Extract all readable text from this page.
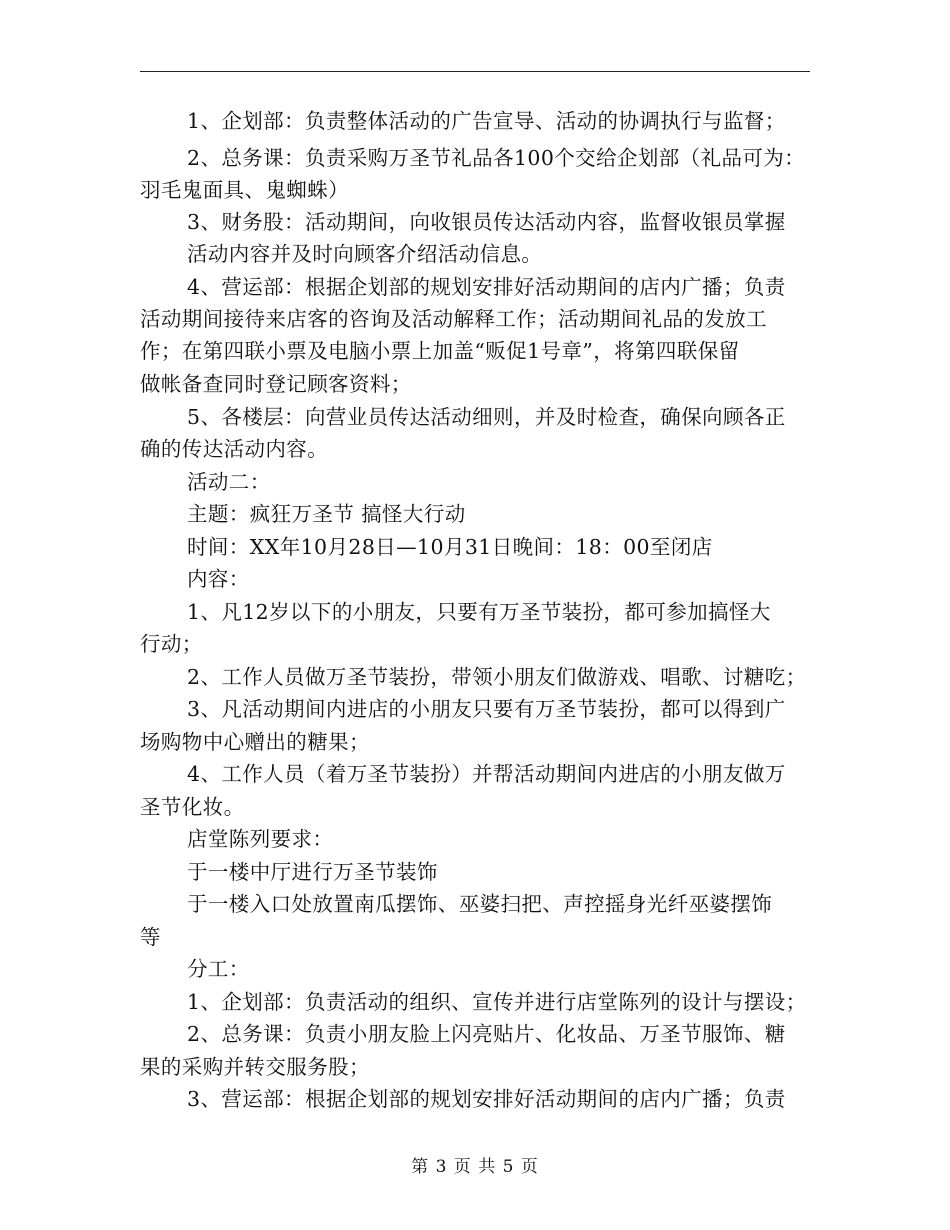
1、企划部：负责整体活动的广告宣导、活动的协调执行与监督；
2、总务课：负责采购万圣节礼品各100个交给企划部（礼品可为：
羽毛鬼面具、鬼蜘蛛）
3、财务股：活动期间，向收银员传达活动内容，监督收银员掌握
活动内容并及时向顾客介绍活动信息。
4、营运部：根据企划部的规划安排好活动期间的店内广播；负责
活动期间接待来店客的咨询及活动解释工作；活动期间礼品的发放工
作；在第四联小票及电脑小票上加盖“贩促1号章”，将第四联保留
做帐备查同时登记顾客资料；
5、各楼层：向营业员传达活动细则，并及时检查，确保向顾各正
确的传达活动内容。
活动二：
主题：疯狂万圣节 搞怪大行动
时间：XX年10月28日—10月31日晚间：18：00至闭店
内容：
1、凡12岁以下的小朋友，只要有万圣节装扮，都可参加搞怪大
行动；
2、工作人员做万圣节装扮，带领小朋友们做游戏、唱歌、讨糖吃；
3、凡活动期间内进店的小朋友只要有万圣节装扮，都可以得到广
场购物中心赠出的糖果；
4、工作人员（着万圣节装扮）并帮活动期间内进店的小朋友做万
圣节化妆。
店堂陈列要求：
于一楼中厅进行万圣节装饰
于一楼入口处放置南瓜摆饰、巫婆扫把、声控摇身光纤巫婆摆饰
等
分工：
1、企划部：负责活动的组织、宣传并进行店堂陈列的设计与摆设；
2、总务课：负责小朋友脸上闪亮贴片、化妆品、万圣节服饰、糖
果的采购并转交服务股；
3、营运部：根据企划部的规划安排好活动期间的店内广播；负责
第 3 页 共 5 页
